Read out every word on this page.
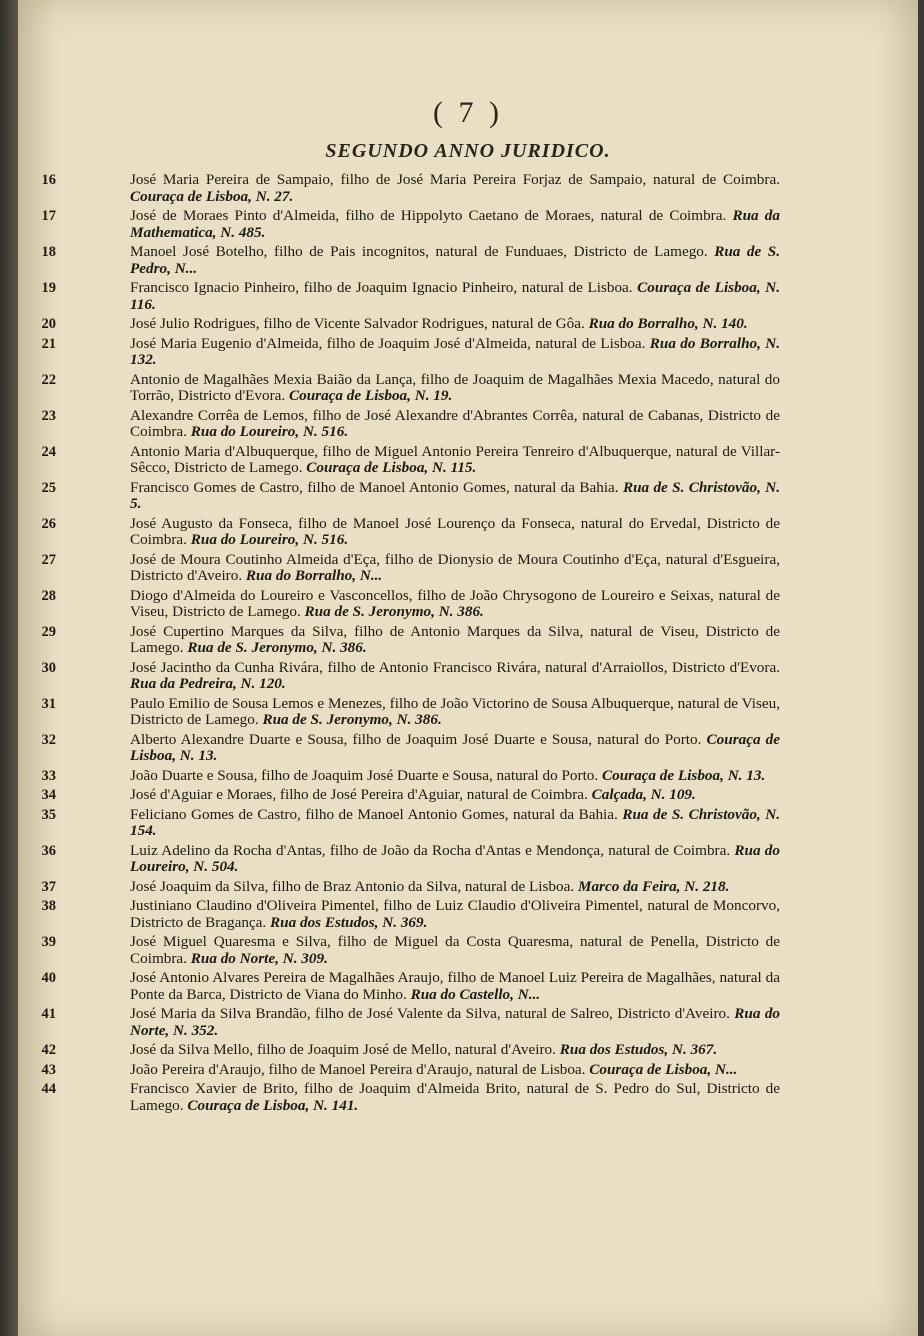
( 7 )
SEGUNDO ANNO JURIDICO.
16	José Maria Pereira de Sampaio, filho de José Maria Pereira Forjaz de Sampaio, natural de Coimbra. Couraça de Lisboa, N. 27.
17	José de Moraes Pinto d'Almeida, filho de Hippolyto Caetano de Moraes, natural de Coimbra. Rua da Mathematica, N. 485.
18	Manoel José Botelho, filho de Pais incognitos, natural de Funduaes, Districto de Lamego. Rua de S. Pedro, N...
19	Francisco Ignacio Pinheiro, filho de Joaquim Ignacio Pinheiro, natural de Lisboa. Couraça de Lisboa, N. 116.
20	José Julio Rodrigues, filho de Vicente Salvador Rodrigues, natural de Gôa. Rua do Borralho, N. 140.
21	José Maria Eugenio d'Almeida, filho de Joaquim José d'Almeida, natural de Lisboa. Rua do Borralho, N. 132.
22	Antonio de Magalhães Mexia Baião da Lança, filho de Joaquim de Magalhães Mexia Macedo, natural do Torrão, Districto d'Evora. Couraça de Lisboa, N. 19.
23	Alexandre Corrêa de Lemos, filho de José Alexandre d'Abrantes Corrêa, natural de Cabanas, Districto de Coimbra. Rua do Loureiro, N. 516.
24	Antonio Maria d'Albuquerque, filho de Miguel Antonio Pereira Tenreiro d'Albuquerque, natural de Villar-Sêcco, Districto de Lamego. Couraça de Lisboa, N. 115.
25	Francisco Gomes de Castro, filho de Manoel Antonio Gomes, natural da Bahia. Rua de S. Christovão, N. 5.
26	José Augusto da Fonseca, filho de Manoel José Lourenço da Fonseca, natural do Ervedal, Districto de Coimbra. Rua do Loureiro, N. 516.
27	José de Moura Coutinho Almeida d'Eça, filho de Dionysio de Moura Coutinho d'Eça, natural d'Esgueira, Districto d'Aveiro. Rua do Borralho, N...
28	Diogo d'Almeida do Loureiro e Vasconcellos, filho de João Chrysogono de Loureiro e Seixas, natural de Viseu, Districto de Lamego. Rua de S. Jeronymo, N. 386.
29	José Cupertino Marques da Silva, filho de Antonio Marques da Silva, natural de Viseu, Districto de Lamego. Rua de S. Jeronymo, N. 386.
30	José Jacintho da Cunha Rivára, filho de Antonio Francisco Rivára, natural d'Arraiollos, Districto d'Evora. Rua da Pedreira, N. 120.
31	Paulo Emilio de Sousa Lemos e Menezes, filho de João Victorino de Sousa Albuquerque, natural de Viseu, Districto de Lamego. Rua de S. Jeronymo, N. 386.
32	Alberto Alexandre Duarte e Sousa, filho de Joaquim José Duarte e Sousa, natural do Porto. Couraça de Lisboa, N. 13.
33	João Duarte e Sousa, filho de Joaquim José Duarte e Sousa, natural do Porto. Couraça de Lisboa, N. 13.
34	José d'Aguiar e Moraes, filho de José Pereira d'Aguiar, natural de Coimbra. Calçada, N. 109.
35	Feliciano Gomes de Castro, filho de Manoel Antonio Gomes, natural da Bahia. Rua de S. Christovão, N. 154.
36	Luiz Adelino da Rocha d'Antas, filho de João da Rocha d'Antas e Mendonça, natural de Coimbra. Rua do Loureiro, N. 504.
37	José Joaquim da Silva, filho de Braz Antonio da Silva, natural de Lisboa. Marco da Feira, N. 218.
38	Justiniano Claudino d'Oliveira Pimentel, filho de Luiz Claudio d'Oliveira Pimentel, natural de Moncorvo, Districto de Bragança. Rua dos Estudos, N. 369.
39	José Miguel Quaresma e Silva, filho de Miguel da Costa Quaresma, natural de Penella, Districto de Coimbra. Rua do Norte, N. 309.
40	José Antonio Alvares Pereira de Magalhães Araujo, filho de Manoel Luiz Pereira de Magalhães, natural da Ponte da Barca, Districto de Viana do Minho. Rua do Castello, N...
41	José Maria da Silva Brandão, filho de José Valente da Silva, natural de Salreo, Districto d'Aveiro. Rua do Norte, N. 352.
42	José da Silva Mello, filho de Joaquim José de Mello, natural d'Aveiro. Rua dos Estudos, N. 367.
43	João Pereira d'Araujo, filho de Manoel Pereira d'Araujo, natural de Lisboa. Couraça de Lisboa, N...
44	Francisco Xavier de Brito, filho de Joaquim d'Almeida Brito, natural de S. Pedro do Sul, Districto de Lamego. Couraça de Lisboa, N. 141.
